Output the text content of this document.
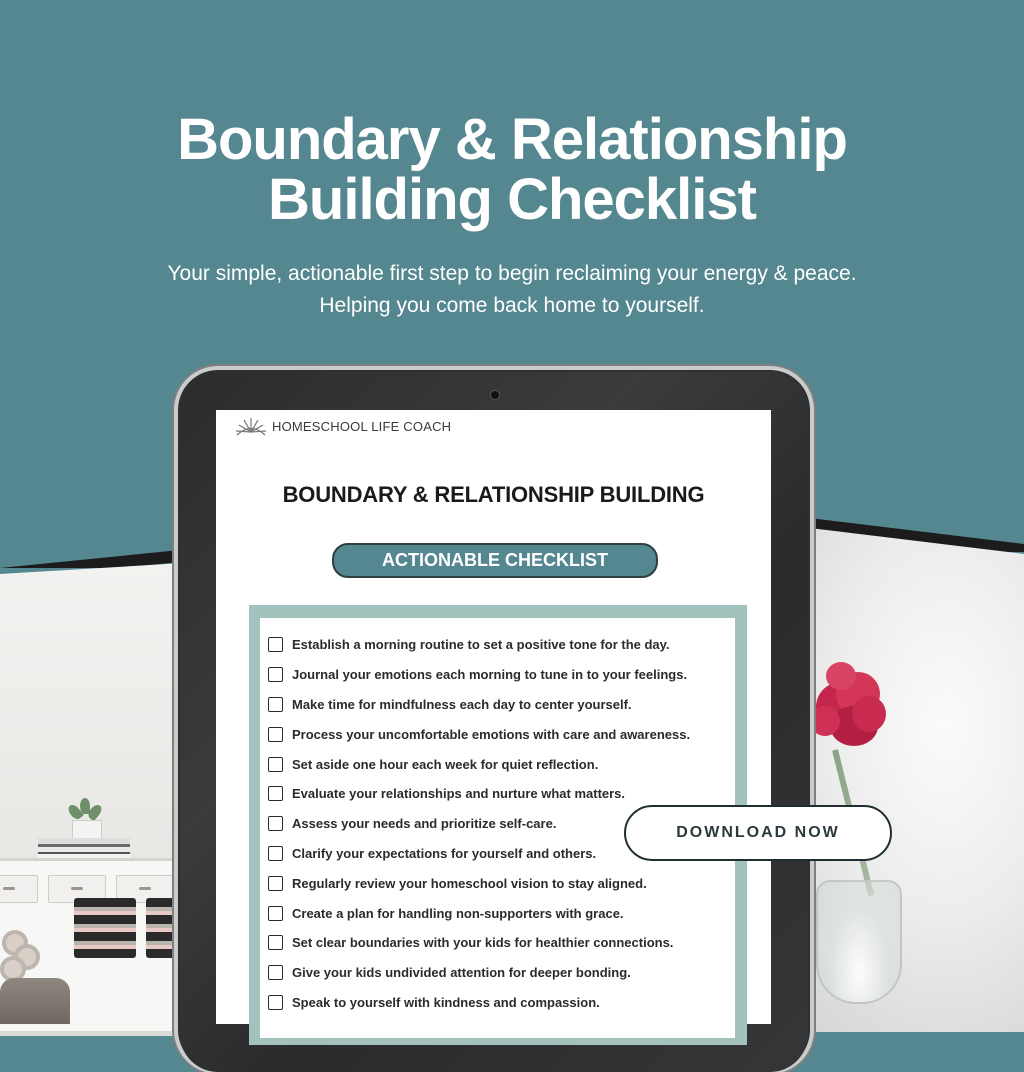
Boundary & Relationship
Building Checklist
Your simple, actionable first step to begin reclaiming your energy & peace.
Helping you come back home to yourself.
HOMESCHOOL LIFE COACH
BOUNDARY & RELATIONSHIP BUILDING
ACTIONABLE CHECKLIST
Establish a morning routine to set a positive tone for the day.
Journal your emotions each morning to tune in to your feelings.
Make time for mindfulness each day to center yourself.
Process your uncomfortable emotions with care and awareness.
Set aside one hour each week for quiet reflection.
Evaluate your relationships and nurture what matters.
Assess your needs and prioritize self-care.
Clarify your expectations for yourself and others.
Regularly review your homeschool vision to stay aligned.
Create a plan for handling non-supporters with grace.
Set clear boundaries with your kids for healthier connections.
Give your kids undivided attention for deeper bonding.
Speak to yourself with kindness and compassion.
DOWNLOAD NOW
